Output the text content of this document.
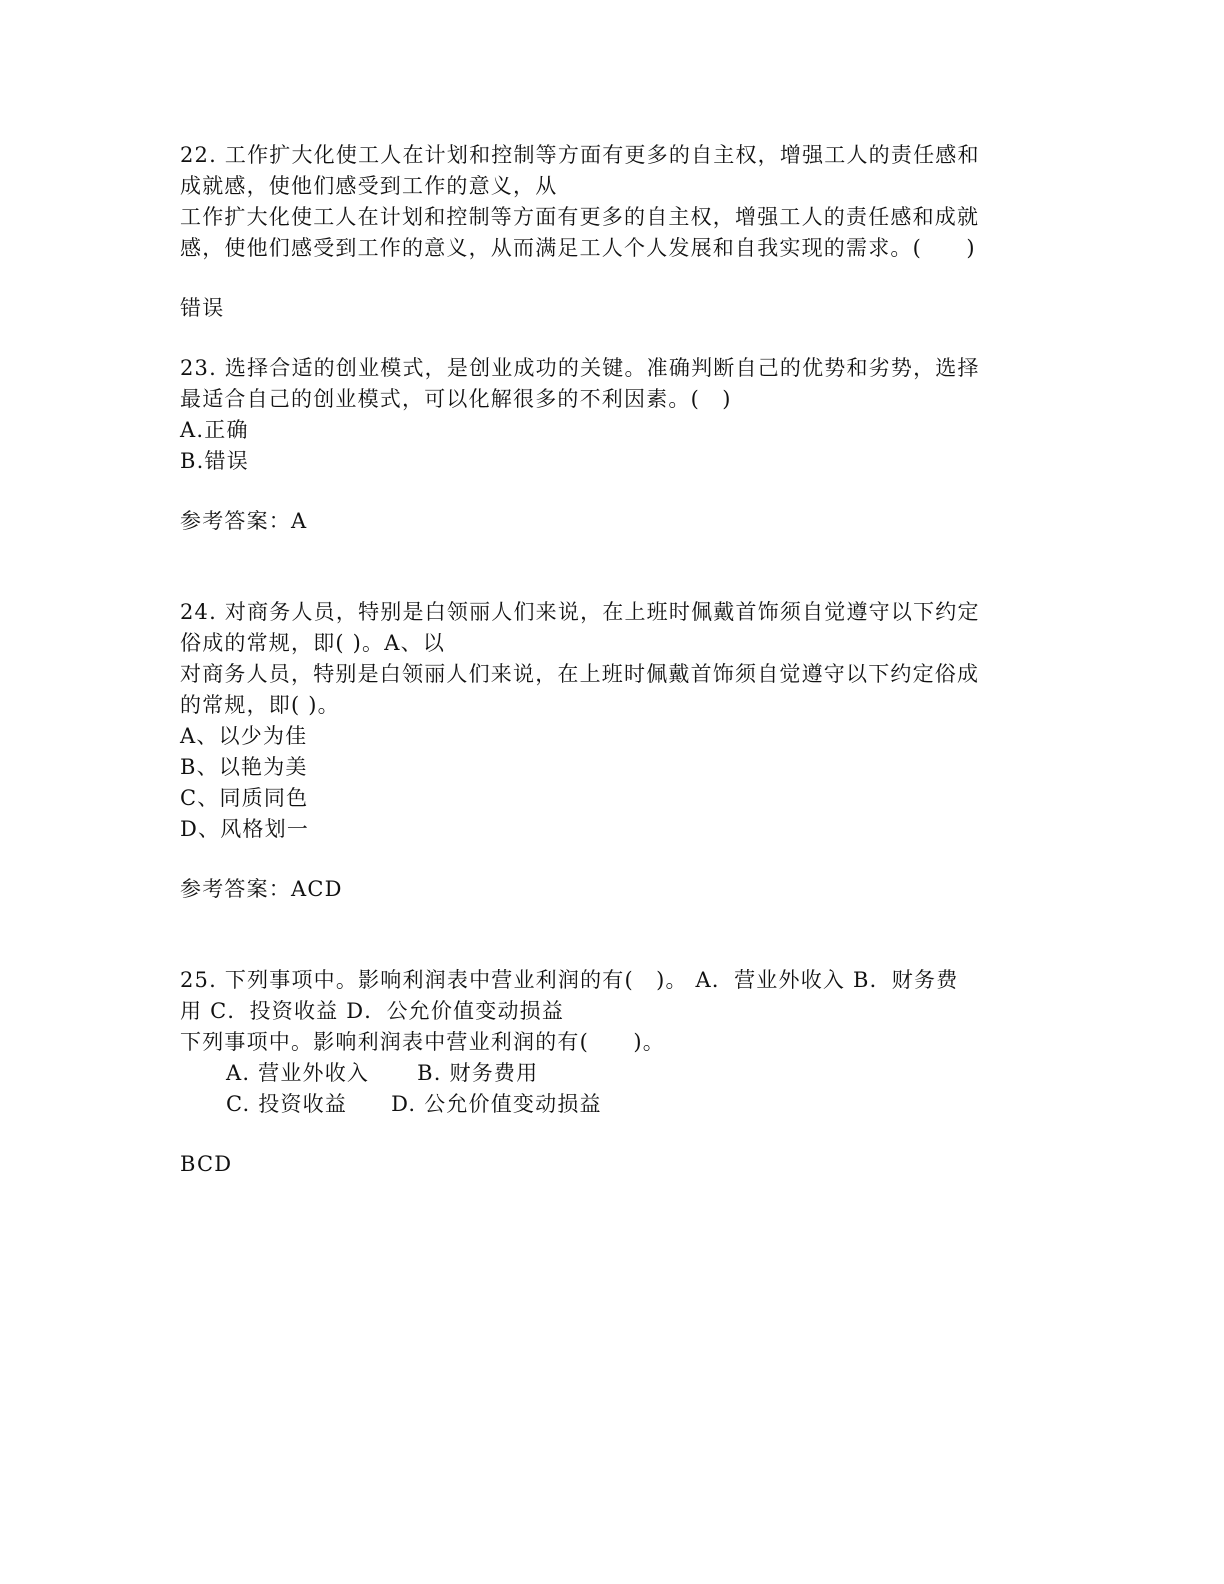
22. 工作扩大化使工人在计划和控制等方面有更多的自主权，增强工人的责任感和
成就感，使他们感受到工作的意义，从
工作扩大化使工人在计划和控制等方面有更多的自主权，增强工人的责任感和成就
感，使他们感受到工作的意义，从而满足工人个人发展和自我实现的需求。(　　)
错误
23. 选择合适的创业模式，是创业成功的关键。准确判断自己的优势和劣势，选择
最适合自己的创业模式，可以化解很多的不利因素。(　)
A.正确
B.错误
参考答案：A
24. 对商务人员，特别是白领丽人们来说，在上班时佩戴首饰须自觉遵守以下约定
俗成的常规，即( )。A、以
对商务人员，特别是白领丽人们来说，在上班时佩戴首饰须自觉遵守以下约定俗成
的常规，即( )。
A、以少为佳
B、以艳为美
C、同质同色
D、风格划一
参考答案：ACD
25. 下列事项中。影响利润表中营业利润的有(　)。 A．营业外收入 B．财务费
用 C．投资收益 D．公允价值变动损益
下列事项中。影响利润表中营业利润的有(　　)。
A. 营业外收入 B. 财务费用
C. 投资收益 D. 公允价值变动损益
BCD
